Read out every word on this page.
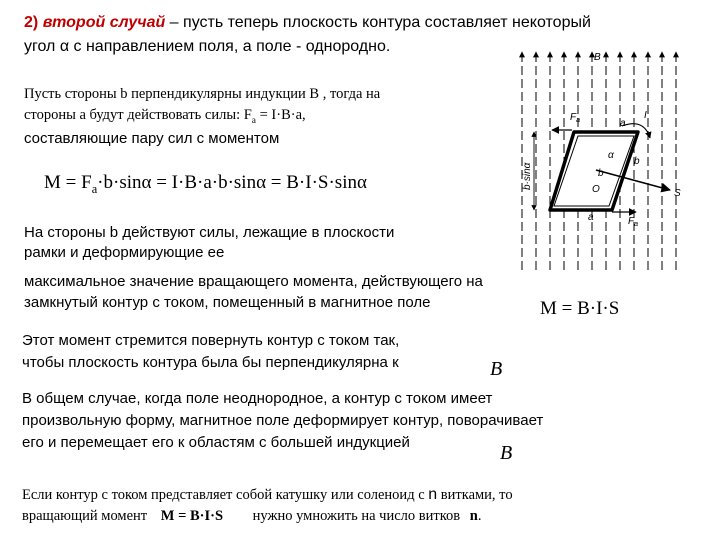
2) второй случай – пусть теперь плоскость контура составляет некоторый

угол α с направлением поля, а поле - однородно.

Пусть стороны b перпендикулярны индукции B , тогда на

стороны a будут действовать силы: $F_a = I\cdot B\cdot a$,

составляющие пару сил с моментом

$M = F_a\cdot b\cdot\sin\alpha = I\cdot B\cdot a\cdot b\cdot\sin\alpha = B\cdot I\cdot S\cdot\sin\alpha$

На стороны b действуют силы, лежащие в плоскости

рамки и деформирующие ее

максимальное значение вращающего момента, действующего на

замкнутый контур с током, помещенный в магнитное поле	M = B·I·S

Этот момент стремится повернуть контур с током так,

чтобы плоскость контура была бы перпендикулярна к	B

В общем случае, когда поле неоднородное, а контур с током имеет

произвольную форму, магнитное поле деформирует контур, поворачивает

его и перемещает его к областям с большей индукцией	B

Если контур с током представляет собой катушку или соленоид с n витками, то

вращающий момент M = B·I·S нужно умножить на число витков n.

B
$F_a$
$F_a$
S
I
a
a
b
b
α
O
b·sinα
